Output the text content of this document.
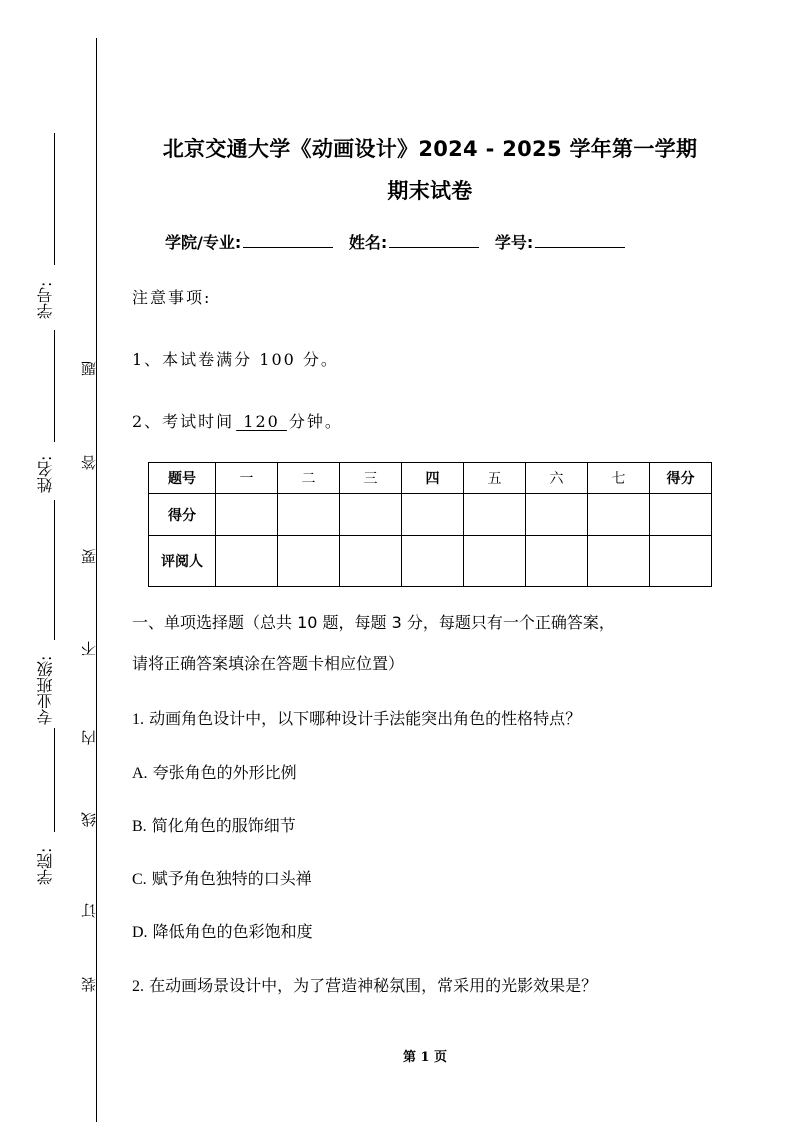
学号:
姓名:
专业班级:
学院:
题
答
要
不
内
线
订
装
北京交通大学《动画设计》2024 - 2025 学年第一学期
期末试卷
学院/专业:	姓名:	学号:
注意事项:
1、本试卷满分 100 分。
2、考试时间 120 分钟。
题号	一	二	三	四	五	六	七	得分
得分								
评阅人								
一、单项选择题（总共 10 题，每题 3 分，每题只有一个正确答案，
请将正确答案填涂在答题卡相应位置）
1. 动画角色设计中，以下哪种设计手法能突出角色的性格特点？
A. 夸张角色的外形比例
B. 简化角色的服饰细节
C. 赋予角色独特的口头禅
D. 降低角色的色彩饱和度
2. 在动画场景设计中，为了营造神秘氛围，常采用的光影效果是？
第 1 页
